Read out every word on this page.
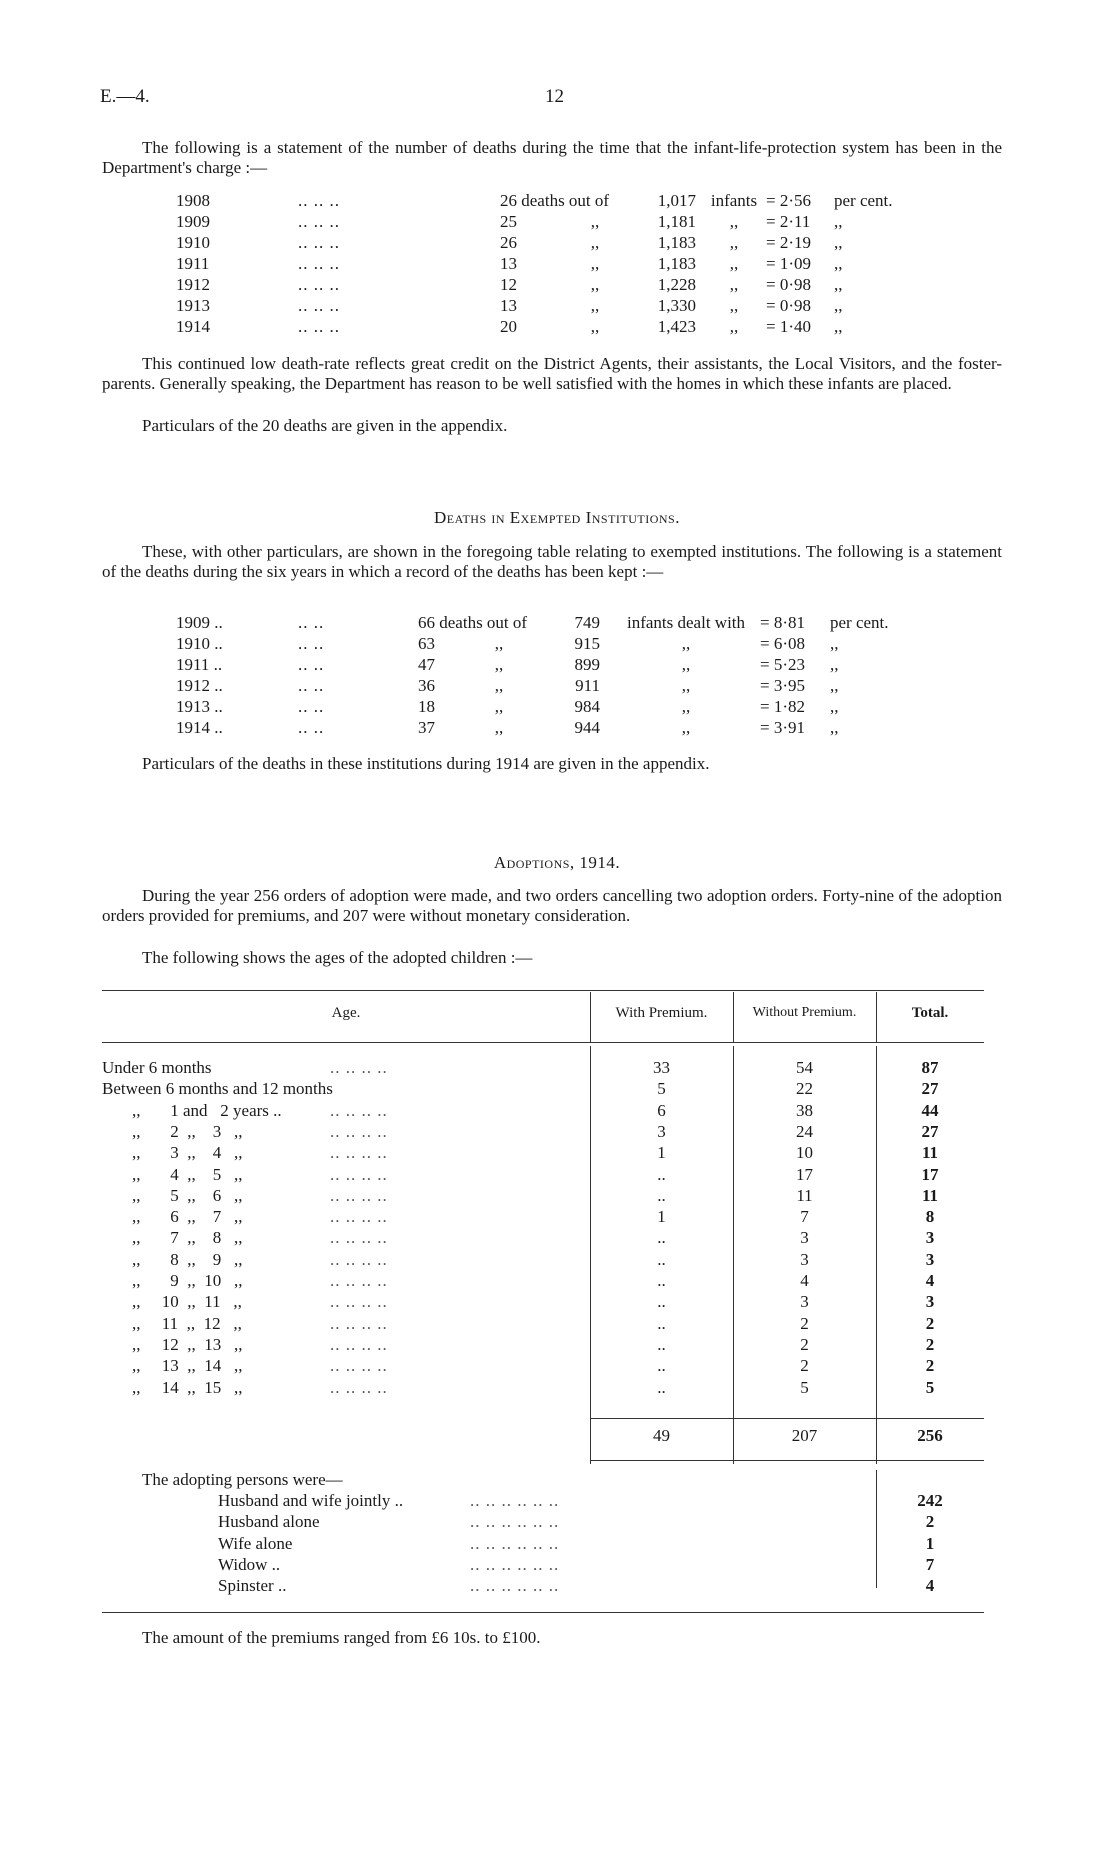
E.—4.	12
The following is a statement of the number of deaths during the time that the infant-life-protection system has been in the Department's charge :—
1908	.. .. ..	26 deaths out of	1,017 infants = 2·56 per cent.
1909	.. .. ..	25	,,	1,181	,,	= 2·11 ,,
1910	.. .. ..	26	,,	1,183	,,	= 2·19 ,,
1911	.. .. ..	13	,,	1,183	,,	= 1·09 ,,
1912	.. .. ..	12	,,	1,228	,,	= 0·98 ,,
1913	.. .. ..	13	,,	1,330	,,	= 0·98 ,,
1914	.. .. ..	20	,,	1,423	,,	= 1·40 ,,
This continued low death-rate reflects great credit on the District Agents, their assistants, the Local Visitors, and the foster-parents. Generally speaking, the Department has reason to be well satisfied with the homes in which these infants are placed.
Particulars of the 20 deaths are given in the appendix.
Deaths in Exempted Institutions.
These, with other particulars, are shown in the foregoing table relating to exempted institutions. The following is a statement of the deaths during the six years in which a record of the deaths has been kept :—
1909 ..	.. ..	66 deaths out of	749	infants dealt with = 8·81 per cent.
1910 ..	.. ..	63	,,	915	,,	= 6·08 ,,
1911 ..	.. ..	47	,,	899	,,	= 5·23 ,,
1912 ..	.. ..	36	,,	911	,,	= 3·95 ,,
1913 ..	.. ..	18	,,	984	,,	= 1·82 ,,
1914 ..	.. ..	37	,,	944	,,	= 3·91 ,,
Particulars of the deaths in these institutions during 1914 are given in the appendix.
Adoptions, 1914.
During the year 256 orders of adoption were made, and two orders cancelling two adoption orders. Forty-nine of the adoption orders provided for premiums, and 207 were without monetary consideration.
The following shows the ages of the adopted children :—
Age.	With Premium.	Without Premium.	Total.
Under 6 months	.. .. .. ..	33	54	87
Between 6 months and 12 months	5	22	27
,,       1 and   2 years ..	.. .. .. ..	6	38	44
,,       2  ,,    3   ,,	.. .. .. ..	3	24	27
,,       3  ,,    4   ,,	.. .. .. ..	1	10	11
,,       4  ,,    5   ,,	.. .. .. ..	..	17	17
,,       5  ,,    6   ,,	.. .. .. ..	..	11	11
,,       6  ,,    7   ,,	.. .. .. ..	1	7	8
,,       7  ,,    8   ,,	.. .. .. ..	..	3	3
,,       8  ,,    9   ,,	.. .. .. ..	..	3	3
,,       9  ,,  10   ,,	.. .. .. ..	..	4	4
,,     10  ,,  11   ,,	.. .. .. ..	..	3	3
,,     11  ,,  12   ,,	.. .. .. ..	..	2	2
,,     12  ,,  13   ,,	.. .. .. ..	..	2	2
,,     13  ,,  14   ,,	.. .. .. ..	..	2	2
,,     14  ,,  15   ,,	.. .. .. ..	..	5	5
49	207	256
The adopting persons were—
Husband and wife jointly ..	.. .. .. .. .. ..	242
Husband alone	.. .. .. .. .. ..	2
Wife alone	.. .. .. .. .. ..	1
Widow ..	.. .. .. .. .. ..	7
Spinster ..	.. .. .. .. .. ..	4
The amount of the premiums ranged from £6 10s. to £100.
